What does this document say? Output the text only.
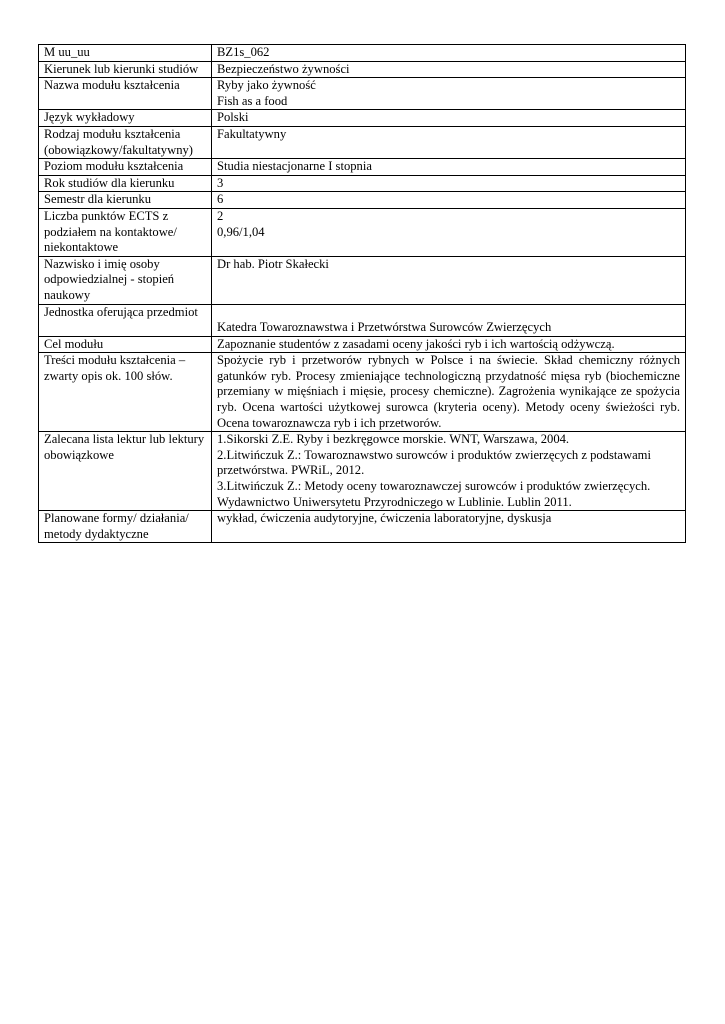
M uu_uu	BZ1s_062

Kierunek lub kierunki studiów	Bezpieczeństwo żywności

Nazwa modułu kształcenia	Ryby jako żywność
Fish as a food

Język wykładowy	Polski

Rodzaj modułu kształcenia (obowiązkowy/fakultatywny)	Fakultatywny

Poziom modułu kształcenia	Studia niestacjonarne I stopnia

Rok studiów dla kierunku	3

Semestr dla kierunku	6

Liczba punktów ECTS z podziałem na kontaktowe/ niekontaktowe	2
0,96/1,04

Nazwisko i imię osoby odpowiedzialnej - stopień naukowy	Dr hab. Piotr Skałecki

Jednostka oferująca przedmiot	Katedra Towaroznawstwa i Przetwórstwa Surowców Zwierzęcych

Cel modułu	Zapoznanie studentów z zasadami oceny jakości ryb i ich wartością odżywczą.

Treści modułu kształcenia – zwarty opis ok. 100 słów.	Spożycie ryb i przetworów rybnych w Polsce i na świecie. Skład chemiczny różnych gatunków ryb. Procesy zmieniające technologiczną przydatność mięsa ryb (biochemiczne przemiany w mięśniach i mięsie, procesy chemiczne). Zagrożenia wynikające ze spożycia ryb. Ocena wartości użytkowej surowca (kryteria oceny). Metody oceny świeżości ryb. Ocena towaroznawcza ryb i ich przetworów.

Zalecana lista lektur lub lektury obowiązkowe	1.Sikorski Z.E. Ryby i bezkręgowce morskie. WNT, Warszawa, 2004.
2.Litwińczuk Z.: Towaroznawstwo surowców i produktów zwierzęcych z podstawami przetwórstwa. PWRiL, 2012.
3.Litwińczuk Z.: Metody oceny towaroznawczej surowców i produktów zwierzęcych. Wydawnictwo Uniwersytetu Przyrodniczego w Lublinie. Lublin 2011.

Planowane formy/ działania/ metody dydaktyczne	wykład, ćwiczenia audytoryjne, ćwiczenia laboratoryjne, dyskusja
